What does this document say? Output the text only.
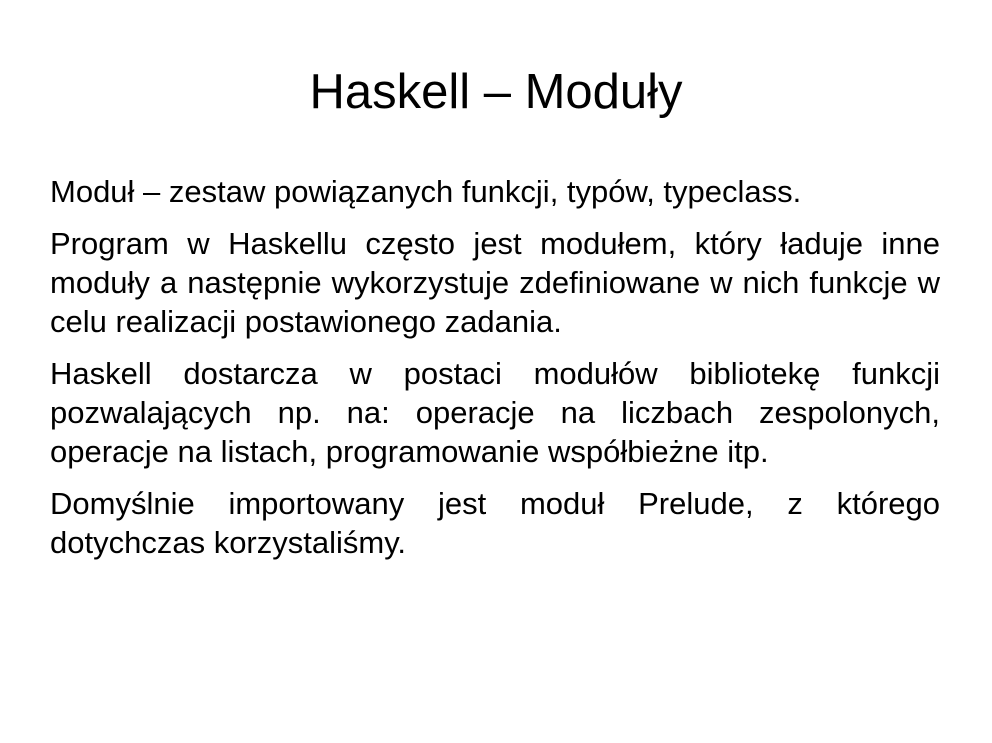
Haskell – Moduły

Moduł – zestaw powiązanych funkcji, typów, typeclass.

Program w Haskellu często jest modułem, który ładuje inne moduły a następnie wykorzystuje zdefiniowane w nich funkcje w celu realizacji postawionego zadania.

Haskell dostarcza w postaci modułów bibliotekę funkcji pozwalających np. na: operacje na liczbach zespolonych, operacje na listach, programowanie współbieżne itp.

Domyślnie importowany jest moduł Prelude, z którego dotychczas korzystaliśmy.
